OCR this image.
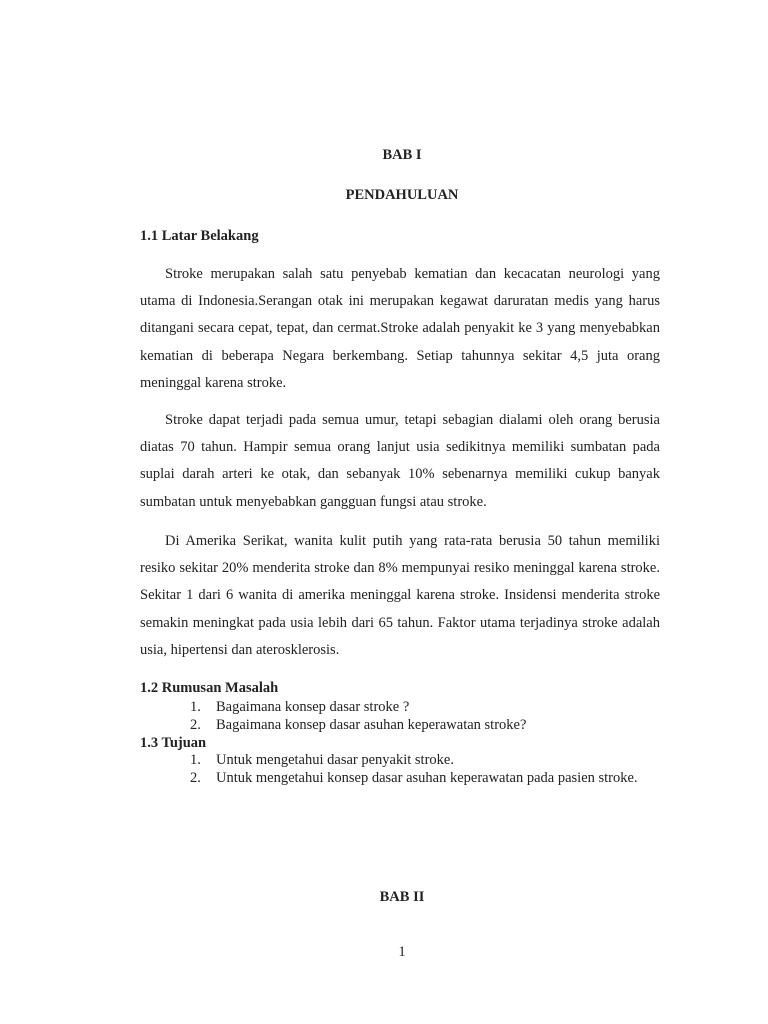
BAB I
PENDAHULUAN
1.1 Latar Belakang

Stroke merupakan salah satu penyebab kematian dan kecacatan neurologi yang utama di Indonesia.Serangan otak ini merupakan kegawat daruratan medis yang harus ditangani secara cepat, tepat, dan cermat.Stroke adalah penyakit ke 3 yang menyebabkan kematian di beberapa Negara berkembang. Setiap tahunnya sekitar 4,5 juta orang meninggal karena stroke.

Stroke dapat terjadi pada semua umur, tetapi sebagian dialami oleh orang berusia diatas 70 tahun. Hampir semua orang lanjut usia sedikitnya memiliki sumbatan pada suplai darah arteri ke otak, dan sebanyak 10% sebenarnya memiliki cukup banyak sumbatan untuk menyebabkan gangguan fungsi atau stroke.

Di Amerika Serikat, wanita kulit putih yang rata-rata berusia 50 tahun memiliki resiko sekitar 20% menderita stroke dan 8% mempunyai resiko meninggal karena stroke. Sekitar 1 dari 6 wanita di amerika meninggal karena stroke. Insidensi menderita stroke semakin meningkat pada usia lebih dari 65 tahun. Faktor utama terjadinya stroke adalah usia, hipertensi dan aterosklerosis.

1.2 Rumusan Masalah
1. Bagaimana konsep dasar stroke ?
2. Bagaimana konsep dasar asuhan keperawatan stroke?
1.3 Tujuan
1. Untuk mengetahui dasar penyakit stroke.
2. Untuk mengetahui konsep dasar asuhan keperawatan pada pasien stroke.
BAB II
1
